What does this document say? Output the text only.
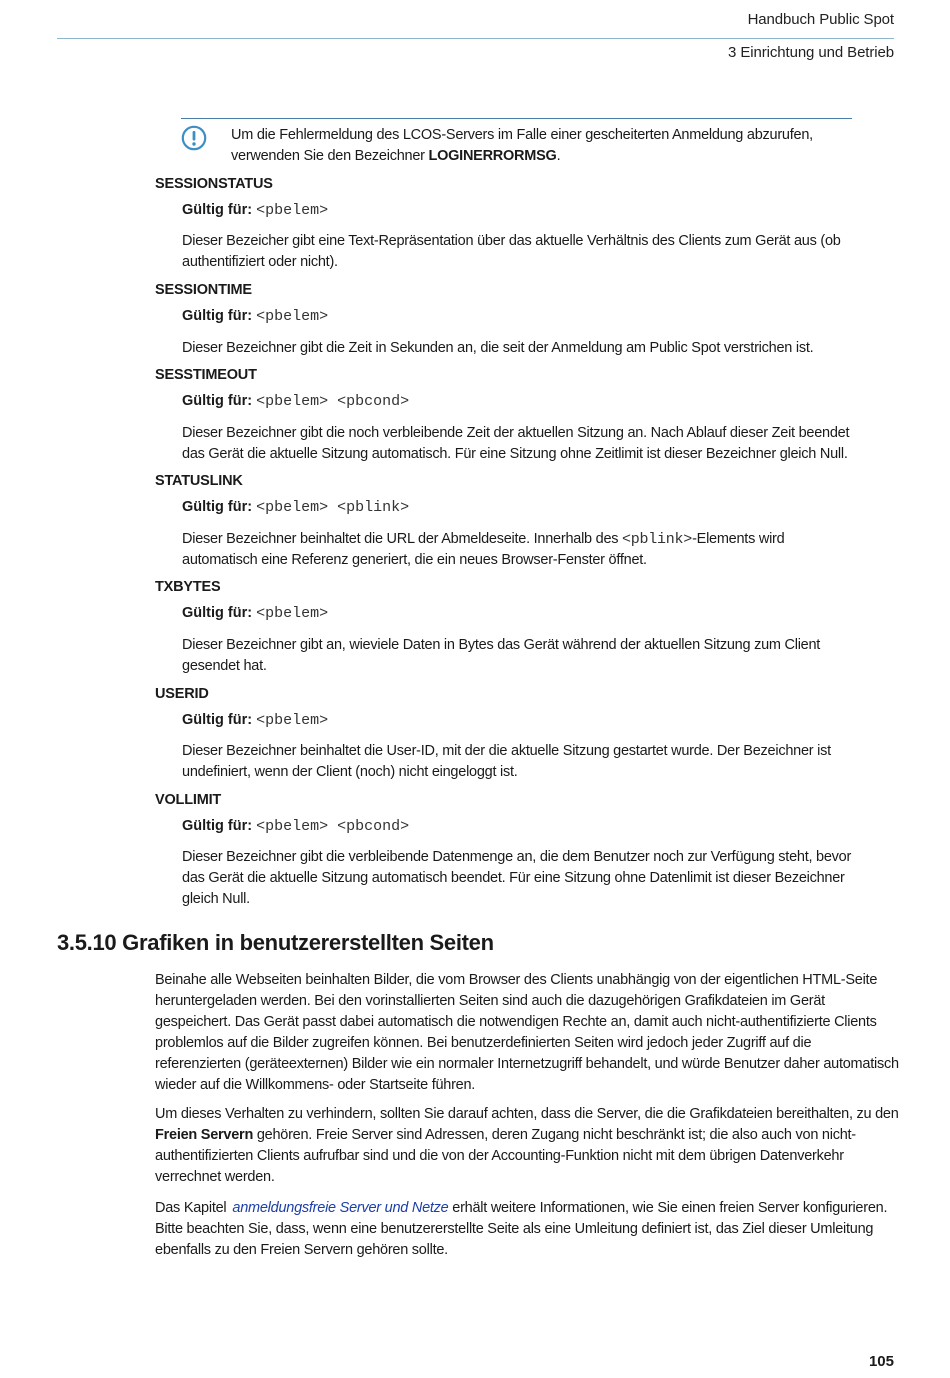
Handbuch Public Spot
3 Einrichtung und Betrieb
Um die Fehlermeldung des LCOS-Servers im Falle einer gescheiterten Anmeldung abzurufen, verwenden Sie den Bezeichner LOGINERRORMSG.
SESSIONSTATUS
Gültig für: <pbelem>
Dieser Bezeicher gibt eine Text-Repräsentation über das aktuelle Verhältnis des Clients zum Gerät aus (ob authentifiziert oder nicht).
SESSIONTIME
Gültig für: <pbelem>
Dieser Bezeichner gibt die Zeit in Sekunden an, die seit der Anmeldung am Public Spot verstrichen ist.
SESSTIMEOUT
Gültig für: <pbelem> <pbcond>
Dieser Bezeichner gibt die noch verbleibende Zeit der aktuellen Sitzung an. Nach Ablauf dieser Zeit beendet das Gerät die aktuelle Sitzung automatisch. Für eine Sitzung ohne Zeitlimit ist dieser Bezeichner gleich Null.
STATUSLINK
Gültig für: <pbelem> <pblink>
Dieser Bezeichner beinhaltet die URL der Abmeldeseite. Innerhalb des <pblink>-Elements wird automatisch eine Referenz generiert, die ein neues Browser-Fenster öffnet.
TXBYTES
Gültig für: <pbelem>
Dieser Bezeichner gibt an, wieviele Daten in Bytes das Gerät während der aktuellen Sitzung zum Client gesendet hat.
USERID
Gültig für: <pbelem>
Dieser Bezeichner beinhaltet die User-ID, mit der die aktuelle Sitzung gestartet wurde. Der Bezeichner ist undefiniert, wenn der Client (noch) nicht eingeloggt ist.
VOLLIMIT
Gültig für: <pbelem> <pbcond>
Dieser Bezeichner gibt die verbleibende Datenmenge an, die dem Benutzer noch zur Verfügung steht, bevor das Gerät die aktuelle Sitzung automatisch beendet. Für eine Sitzung ohne Datenlimit ist dieser Bezeichner gleich Null.
3.5.10 Grafiken in benutzererstellten Seiten

Beinahe alle Webseiten beinhalten Bilder, die vom Browser des Clients unabhängig von der eigentlichen HTML-Seite heruntergeladen werden. Bei den vorinstallierten Seiten sind auch die dazugehörigen Grafikdateien im Gerät gespeichert. Das Gerät passt dabei automatisch die notwendigen Rechte an, damit auch nicht-authentifizierte Clients problemlos auf die Bilder zugreifen können. Bei benutzerdefinierten Seiten wird jedoch jeder Zugriff auf die referenzierten (geräteexternen) Bilder wie ein normaler Internetzugriff behandelt, und würde Benutzer daher automatisch wieder auf die Willkommens- oder Startseite führen.

Um dieses Verhalten zu verhindern, sollten Sie darauf achten, dass die Server, die die Grafikdateien bereithalten, zu den Freien Servern gehören. Freie Server sind Adressen, deren Zugang nicht beschränkt ist; die also auch von nicht-authentifizierten Clients aufrufbar sind und die von der Accounting-Funktion nicht mit dem übrigen Datenverkehr verrechnet werden.

Das Kapitel anmeldungsfreie Server und Netze erhält weitere Informationen, wie Sie einen freien Server konfigurieren. Bitte beachten Sie, dass, wenn eine benutzererstellte Seite als eine Umleitung definiert ist, das Ziel dieser Umleitung ebenfalls zu den Freien Servern gehören sollte.

105
